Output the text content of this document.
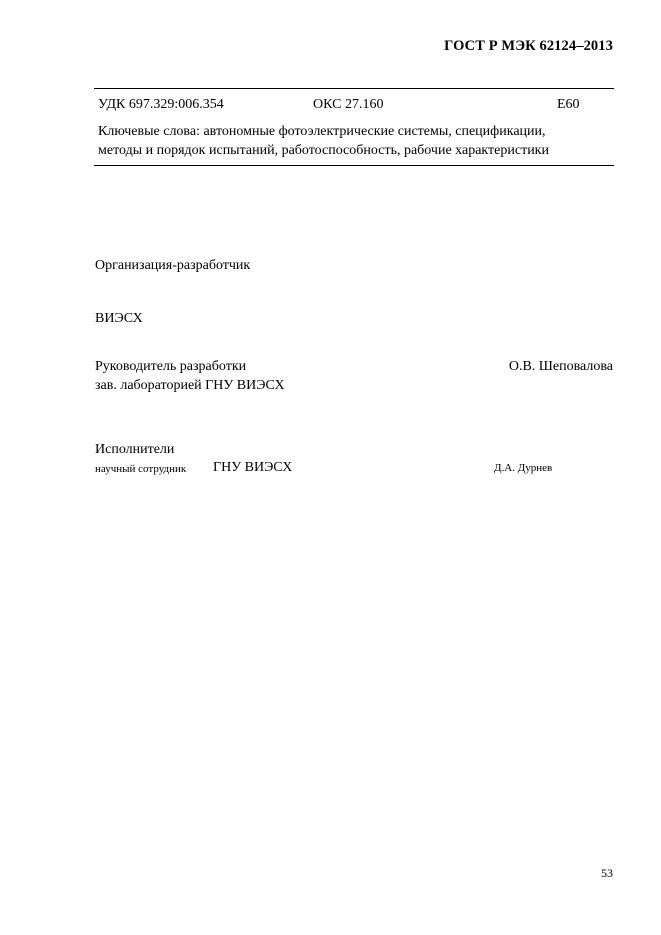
ГОСТ Р МЭК 62124–2013
УДК 697.329:006.354	ОКС 27.160	Е60

Ключевые слова: автономные фотоэлектрические системы, спецификации,

методы и порядок испытаний, работоспособность, рабочие характеристики

Организация-разработчик
ВИЭСХ
Руководитель разработки
зав. лабораторией ГНУ ВИЭСХ
О.В. Шеповалова
Исполнители
научный сотрудник ГНУ ВИЭСХ	Д.А. Дурнев
53
